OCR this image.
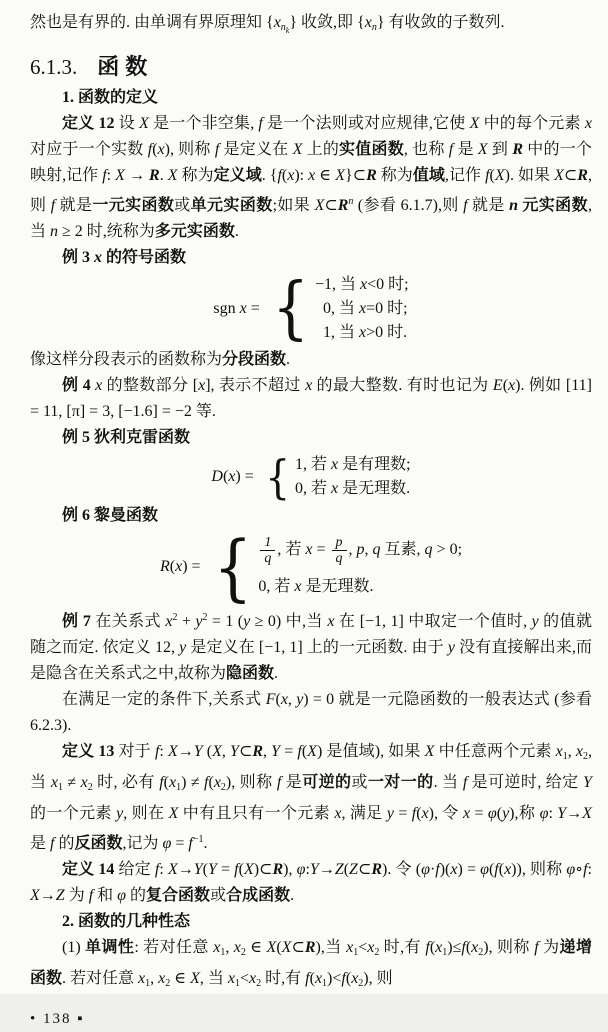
然也是有界的. 由单调有界原理知 $\{xn_k\}$ 收敛,即 {xn} 有收敛的子数列.

6.1.3. 函数

1. 函数的定义

定义 12 设 X 是一个非空集, f 是一个法则或对应规律,它使 X 中的每个元素 x 对应于一个实数 f(x), 则称 f 是定义在 X 上的实值函数, 也称 f 是 X 到 R 中的一个映射,记作 f: X → R. X 称为定义域. {f(x): x ∈ X}⊂R 称为值域,记作 f(X). 如果 X⊂R, 则 f 就是一元实函数或单元实函数;如果 $X\subset R^n$ (参看 6.1.7),则 f 就是 n 元实函数, 当 n ≥ 2 时,统称为多元实函数.

例 3 x 的符号函数

sgn x = { −1, 当 x<0 时;
0, 当 x=0 时;
1, 当 x>0 时.

像这样分段表示的函数称为分段函数.

例 4 x 的整数部分 [x], 表示不超过 x 的最大整数. 有时也记为 E(x). 例如 [11] = 11, [π] = 3, [−1.6] = −2 等.

例 5 狄利克雷函数

D(x) = { 1, 若 x 是有理数;
0, 若 x 是无理数.

例 6 黎曼函数

R(x) = { $\frac{1}{q}$ , 若 $x = \frac{p}{q}$ , p, q 互素, q > 0;
0, 若 x 是无理数.

例 7 在关系式 $x^2 + y^2 = 1$ (y ≥ 0) 中,当 x 在 [−1, 1] 中取定一个值时, y 的值就随之而定. 依定义 12, y 是定义在 [−1, 1] 上的一元函数. 由于 y 没有直接解出来,而是隐含在关系式之中,故称为隐函数.

在满足一定的条件下,关系式 F(x, y) = 0 就是一元隐函数的一般表达式 (参看 6.2.3).

定义 13 对于 f: X→Y (X, Y⊂R, Y = f(X) 是值域), 如果 X 中任意两个元素 x1, x2, 当 x1 ≠ x2 时, 必有 f(x1) ≠ f(x2), 则称 f 是可逆的或一对一的. 当 f 是可逆时, 给定 Y 的一个元素 y, 则在 X 中有且只有一个元素 x, 满足 y = f(x), 令 x = φ(y),称 φ: Y→X 是 f 的反函数,记为 $\varphi = f^{-1}$.

定义 14 给定 f: X→Y(Y = f(X)⊂R), φ:Y→Z(Z⊂R). 令 (φ·f)(x) = φ(f(x)), 则称 φ∘f: X→Z 为 f 和 φ 的复合函数或合成函数.

2. 函数的几种性态

(1) 单调性: 若对任意 x1, x2 ∈ X(X⊂R),当 x1<x2 时,有 f(x1)≤f(x2), 则称 f 为递增函数. 若对任意 x1, x2 ∈ X, 当 x1<x2 时,有 f(x1)<f(x2), 则

• 138 ▪
